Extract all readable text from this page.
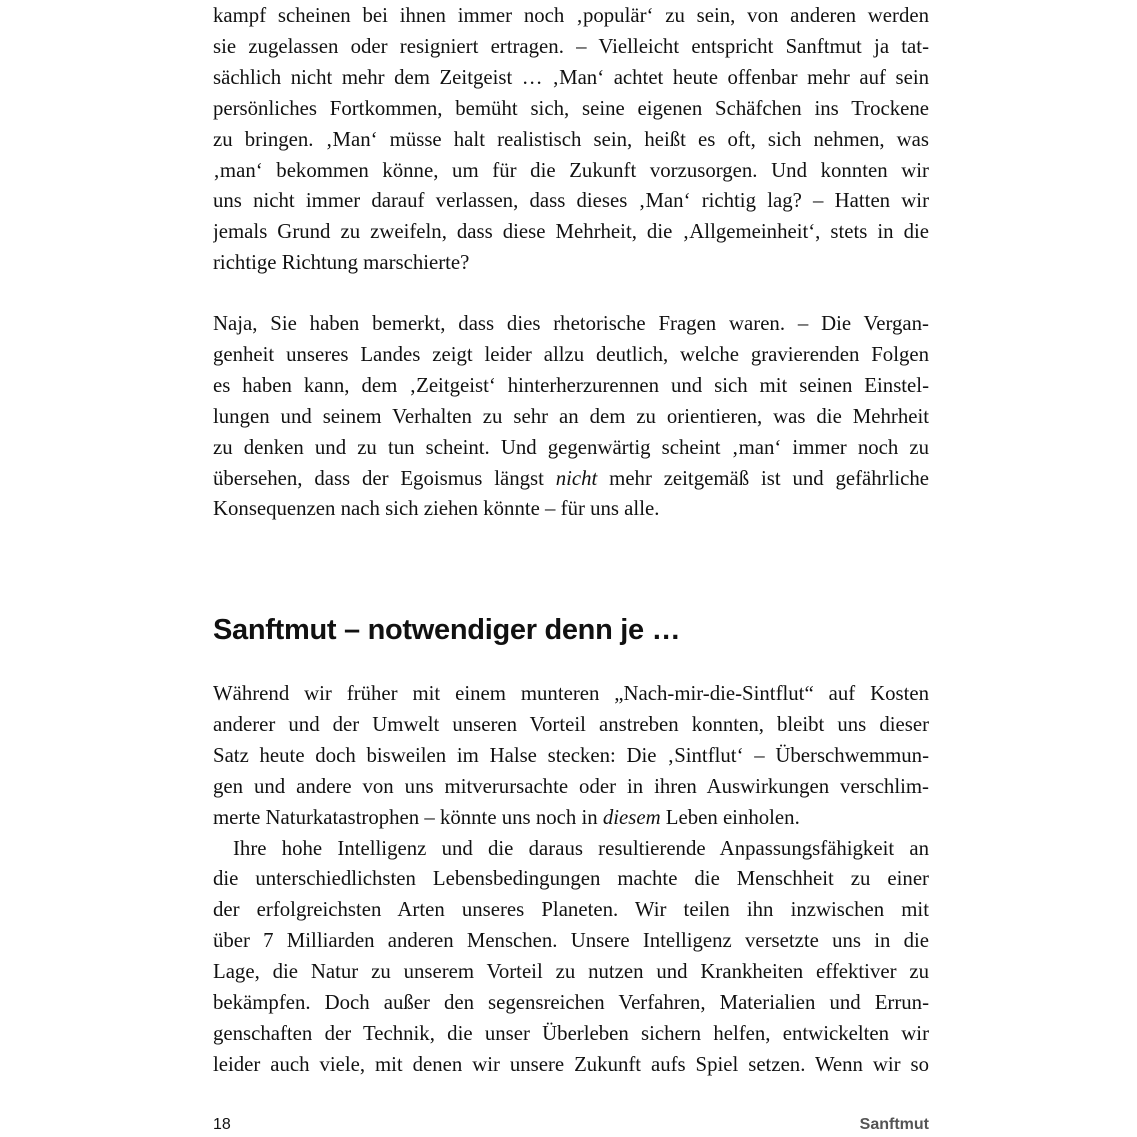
kampf scheinen bei ihnen immer noch ‚populär‘ zu sein, von anderen werden
sie zugelassen oder resigniert ertragen. – Vielleicht entspricht Sanftmut ja tat-
sächlich nicht mehr dem Zeitgeist … ‚Man‘ achtet heute offenbar mehr auf sein
persönliches Fortkommen, bemüht sich, seine eigenen Schäfchen ins Trockene
zu bringen. ‚Man‘ müsse halt realistisch sein, heißt es oft, sich nehmen, was
‚man‘ bekommen könne, um für die Zukunft vorzusorgen. Und konnten wir
uns nicht immer darauf verlassen, dass dieses ‚Man‘ richtig lag? – Hatten wir
jemals Grund zu zweifeln, dass diese Mehrheit, die ‚Allgemeinheit‘, stets in die
richtige Richtung marschierte?
Naja, Sie haben bemerkt, dass dies rhetorische Fragen waren. – Die Vergan-
genheit unseres Landes zeigt leider allzu deutlich, welche gravierenden Folgen
es haben kann, dem ‚Zeitgeist‘ hinterherzurennen und sich mit seinen Einstel-
lungen und seinem Verhalten zu sehr an dem zu orientieren, was die Mehrheit
zu denken und zu tun scheint. Und gegenwärtig scheint ‚man‘ immer noch zu
übersehen, dass der Egoismus längst nicht mehr zeitgemäß ist und gefährliche
Konsequenzen nach sich ziehen könnte – für uns alle.
Sanftmut – notwendiger denn je …
Während wir früher mit einem munteren „Nach-mir-die-Sintflut“ auf Kosten
anderer und der Umwelt unseren Vorteil anstreben konnten, bleibt uns dieser
Satz heute doch bisweilen im Halse stecken: Die ‚Sintflut‘ – Überschwemmun-
gen und andere von uns mitverursachte oder in ihren Auswirkungen verschlim-
merte Naturkatastrophen – könnte uns noch in diesem Leben einholen.
Ihre hohe Intelligenz und die daraus resultierende Anpassungsfähigkeit an
die unterschiedlichsten Lebensbedingungen machte die Menschheit zu einer
der erfolgreichsten Arten unseres Planeten. Wir teilen ihn inzwischen mit
über 7 Milliarden anderen Menschen. Unsere Intelligenz versetzte uns in die
Lage, die Natur zu unserem Vorteil zu nutzen und Krankheiten effektiver zu
bekämpfen. Doch außer den segensreichen Verfahren, Materialien und Errun-
genschaften der Technik, die unser Überleben sichern helfen, entwickelten wir
leider auch viele, mit denen wir unsere Zukunft aufs Spiel setzen. Wenn wir so
18	Sanftmut
